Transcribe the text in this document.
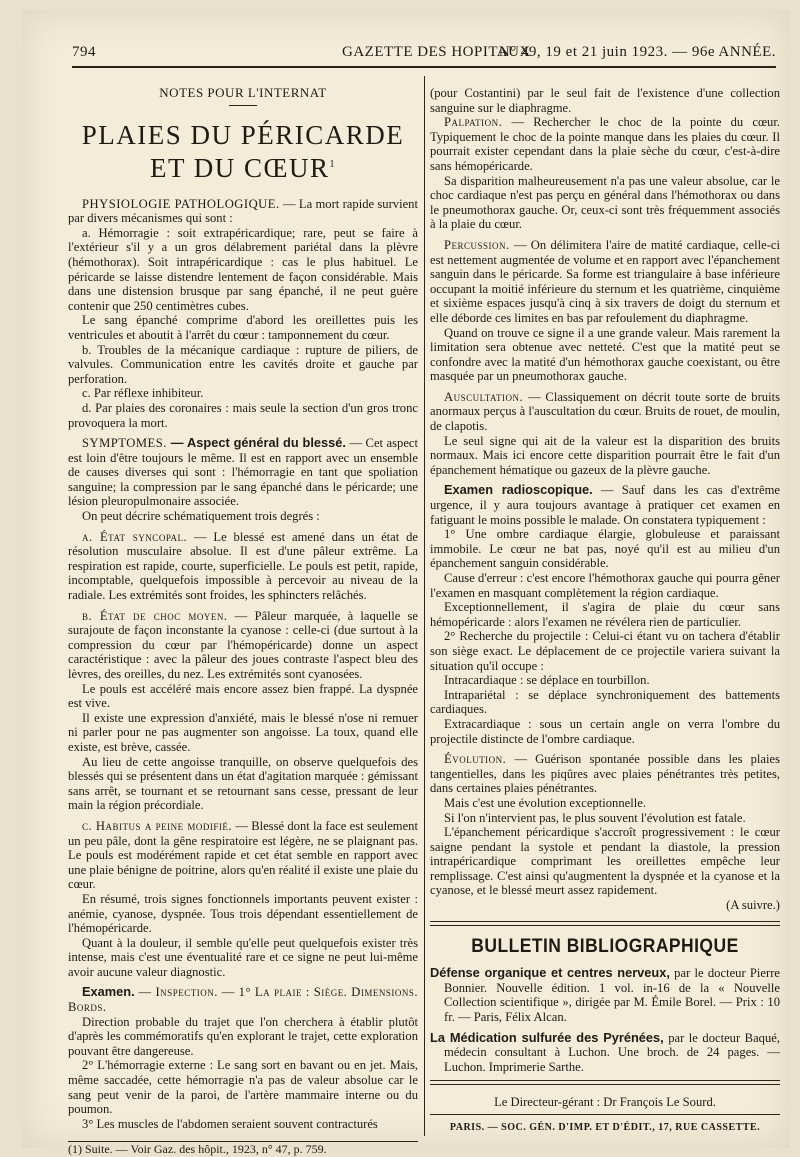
794	GAZETTE DES HOPITAUX
N° 49, 19 et 21 juin 1923. — 96e ANNÉE.
NOTES POUR L'INTERNAT
PLAIES DU PÉRICARDE
ET DU CŒUR$^1$

PHYSIOLOGIE PATHOLOGIQUE. — La mort rapide survient par divers mécanismes qui sont :

a. Hémorragie : soit extrapéricardique; rare, peut se faire à l'extérieur s'il y a un gros délabrement pariétal dans la plèvre (hémothorax). Soit intrapéricardique : cas le plus habituel. Le péricarde se laisse distendre lentement de façon considérable. Mais dans une distension brusque par sang épanché, il ne peut guère contenir que 250 centimètres cubes.

Le sang épanché comprime d'abord les oreillettes puis les ventricules et aboutit à l'arrêt du cœur : tamponnement du cœur.

b. Troubles de la mécanique cardiaque : rupture de piliers, de valvules. Communication entre les cavités droite et gauche par perforation.

c. Par réflexe inhibiteur.

d. Par plaies des coronaires : mais seule la section d'un gros tronc provoquera la mort.

SYMPTOMES. — Aspect général du blessé. — Cet aspect est loin d'être toujours le même. Il est en rapport avec un ensemble de causes diverses qui sont : l'hémorragie en tant que spoliation sanguine; la compression par le sang épanché dans le péricarde; une lésion pleuropulmonaire associée.

On peut décrire schématiquement trois degrés :

a. État syncopal. — Le blessé est amené dans un état de résolution musculaire absolue. Il est d'une pâleur extrême. La respiration est rapide, courte, superficielle. Le pouls est petit, rapide, incomptable, quelquefois impossible à percevoir au niveau de la radiale. Les extrémités sont froides, les sphincters relâchés.

b. État de choc moyen. — Pâleur marquée, à laquelle se surajoute de façon inconstante la cyanose : celle-ci (due surtout à la compression du cœur par l'hémopéricarde) donne un aspect caractéristique : avec la pâleur des joues contraste l'aspect bleu des lèvres, des oreilles, du nez. Les extrémités sont cyanosées.

Le pouls est accéléré mais encore assez bien frappé. La dyspnée est vive.

Il existe une expression d'anxiété, mais le blessé n'ose ni remuer ni parler pour ne pas augmenter son angoisse. La toux, quand elle existe, est brève, cassée.

Au lieu de cette angoisse tranquille, on observe quelquefois des blessés qui se présentent dans un état d'agitation marquée : gémissant sans arrêt, se tournant et se retournant sans cesse, pressant de leur main la région précordiale.

c. Habitus a peine modifié. — Blessé dont la face est seulement un peu pâle, dont la gêne respiratoire est légère, ne se plaignant pas. Le pouls est modérément rapide et cet état semble en rapport avec une plaie bénigne de poitrine, alors qu'en réalité il existe une plaie du cœur.

En résumé, trois signes fonctionnels importants peuvent exister : anémie, cyanose, dyspnée. Tous trois dépendant essentiellement de l'hémopéricarde.

Quant à la douleur, il semble qu'elle peut quelquefois exister très intense, mais c'est une éventualité rare et ce signe ne peut lui-même avoir aucune valeur diagnostic.

Examen. — Inspection. — 1° La plaie : Siège. Dimensions. Bords.

Direction probable du trajet que l'on cherchera à établir plutôt d'après les commémoratifs qu'en explorant le trajet, cette exploration pouvant être dangereuse.

2° L'hémorragie externe : Le sang sort en bavant ou en jet. Mais, même saccadée, cette hémorragie n'a pas de valeur absolue car le sang peut venir de la paroi, de l'artère mammaire interne ou du poumon.

3° Les muscles de l'abdomen seraient souvent contracturés

(1) Suite. — Voir Gaz. des hôpit., 1923, n° 47, p. 759.

(pour Costantini) par le seul fait de l'existence d'une collection sanguine sur le diaphragme.

Palpation. — Rechercher le choc de la pointe du cœur. Typiquement le choc de la pointe manque dans les plaies du cœur. Il pourrait exister cependant dans la plaie sèche du cœur, c'est-à-dire sans hémopéricarde.

Sa disparition malheureusement n'a pas une valeur absolue, car le choc cardiaque n'est pas perçu en général dans l'hémothorax ou dans le pneumothorax gauche. Or, ceux-ci sont très fréquemment associés à la plaie du cœur.

Percussion. — On délimitera l'aire de matité cardiaque, celle-ci est nettement augmentée de volume et en rapport avec l'épanchement sanguin dans le péricarde. Sa forme est triangulaire à base inférieure occupant la moitié inférieure du sternum et les quatrième, cinquième et sixième espaces jusqu'à cinq à six travers de doigt du sternum et elle déborde ces limites en bas par refoulement du diaphragme.

Quand on trouve ce signe il a une grande valeur. Mais rarement la limitation sera obtenue avec netteté. C'est que la matité peut se confondre avec la matité d'un hémothorax gauche coexistant, ou être masquée par un pneumothorax gauche.

Auscultation. — Classiquement on décrit toute sorte de bruits anormaux perçus à l'auscultation du cœur. Bruits de rouet, de moulin, de clapotis.

Le seul signe qui ait de la valeur est la disparition des bruits normaux. Mais ici encore cette disparition pourrait être le fait d'un épanchement hématique ou gazeux de la plèvre gauche.

Examen radioscopique. — Sauf dans les cas d'extrême urgence, il y aura toujours avantage à pratiquer cet examen en fatiguant le moins possible le malade. On constatera typiquement :

1° Une ombre cardiaque élargie, globuleuse et paraissant immobile. Le cœur ne bat pas, noyé qu'il est au milieu d'un épanchement sanguin considérable.

Cause d'erreur : c'est encore l'hémothorax gauche qui pourra gêner l'examen en masquant complètement la région cardiaque.

Exceptionnellement, il s'agira de plaie du cœur sans hémopéricarde : alors l'examen ne révélera rien de particulier.

2° Recherche du projectile : Celui-ci étant vu on tachera d'établir son siège exact. Le déplacement de ce projectile variera suivant la situation qu'il occupe :

Intracardiaque : se déplace en tourbillon.

Intrapariétal : se déplace synchroniquement des battements cardiaques.

Extracardiaque : sous un certain angle on verra l'ombre du projectile distincte de l'ombre cardiaque.

Évolution. — Guérison spontanée possible dans les plaies tangentielles, dans les piqûres avec plaies pénétrantes très petites, dans certaines plaies pénétrantes.

Mais c'est une évolution exceptionnelle.

Si l'on n'intervient pas, le plus souvent l'évolution est fatale.

L'épanchement péricardique s'accroît progressivement : le cœur saigne pendant la systole et pendant la diastole, la pression intrapéricardique comprimant les oreillettes empêche leur remplissage. C'est ainsi qu'augmentent la dyspnée et la cyanose et la cyanose, et le blessé meurt assez rapidement.

(A suivre.)

BULLETIN BIBLIOGRAPHIQUE

Défense organique et centres nerveux, par le docteur Pierre Bonnier. Nouvelle édition. 1 vol. in-16 de la « Nouvelle Collection scientifique », dirigée par M. Émile Borel. — Prix : 10 fr. — Paris, Félix Alcan.

La Médication sulfurée des Pyrénées, par le docteur Baqué, médecin consultant à Luchon. Une broch. de 24 pages. — Luchon. Imprimerie Sarthe.

Le Directeur-gérant : Dr François Le Sourd.
PARIS. — SOC. GÉN. D'IMP. ET D'ÉDIT., 17, RUE CASSETTE.
